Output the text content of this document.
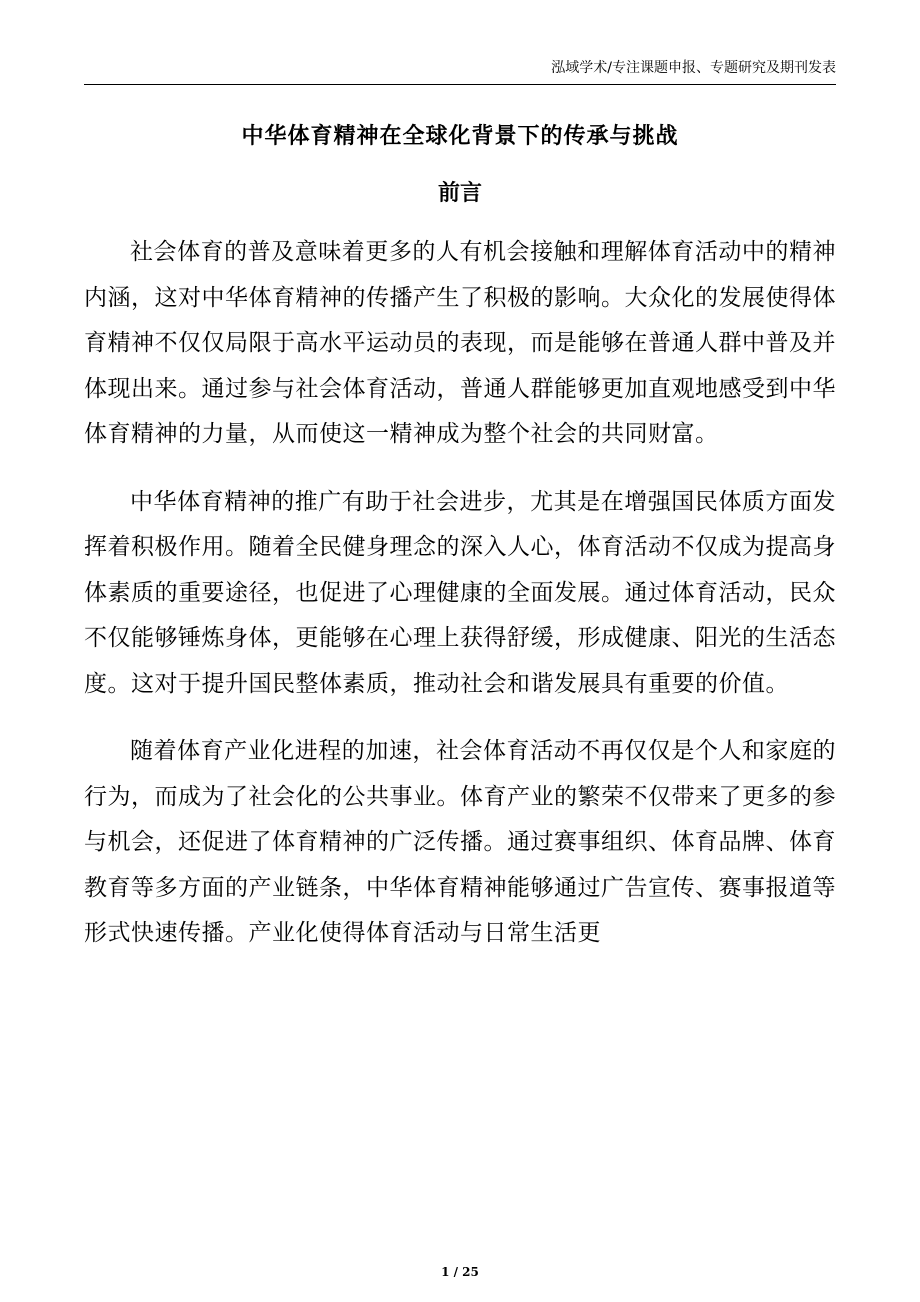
泓域学术/专注课题申报、专题研究及期刊发表
中华体育精神在全球化背景下的传承与挑战
前言

社会体育的普及意味着更多的人有机会接触和理解体育活动中的精神内涵，这对中华体育精神的传播产生了积极的影响。大众化的发展使得体育精神不仅仅局限于高水平运动员的表现，而是能够在普通人群中普及并体现出来。通过参与社会体育活动，普通人群能够更加直观地感受到中华体育精神的力量，从而使这一精神成为整个社会的共同财富。

中华体育精神的推广有助于社会进步，尤其是在增强国民体质方面发挥着积极作用。随着全民健身理念的深入人心，体育活动不仅成为提高身体素质的重要途径，也促进了心理健康的全面发展。通过体育活动，民众不仅能够锤炼身体，更能够在心理上获得舒缓，形成健康、阳光的生活态度。这对于提升国民整体素质，推动社会和谐发展具有重要的价值。

随着体育产业化进程的加速，社会体育活动不再仅仅是个人和家庭的行为，而成为了社会化的公共事业。体育产业的繁荣不仅带来了更多的参与机会，还促进了体育精神的广泛传播。通过赛事组织、体育品牌、体育教育等多方面的产业链条，中华体育精神能够通过广告宣传、赛事报道等形式快速传播。产业化使得体育活动与日常生活更

1 / 25
